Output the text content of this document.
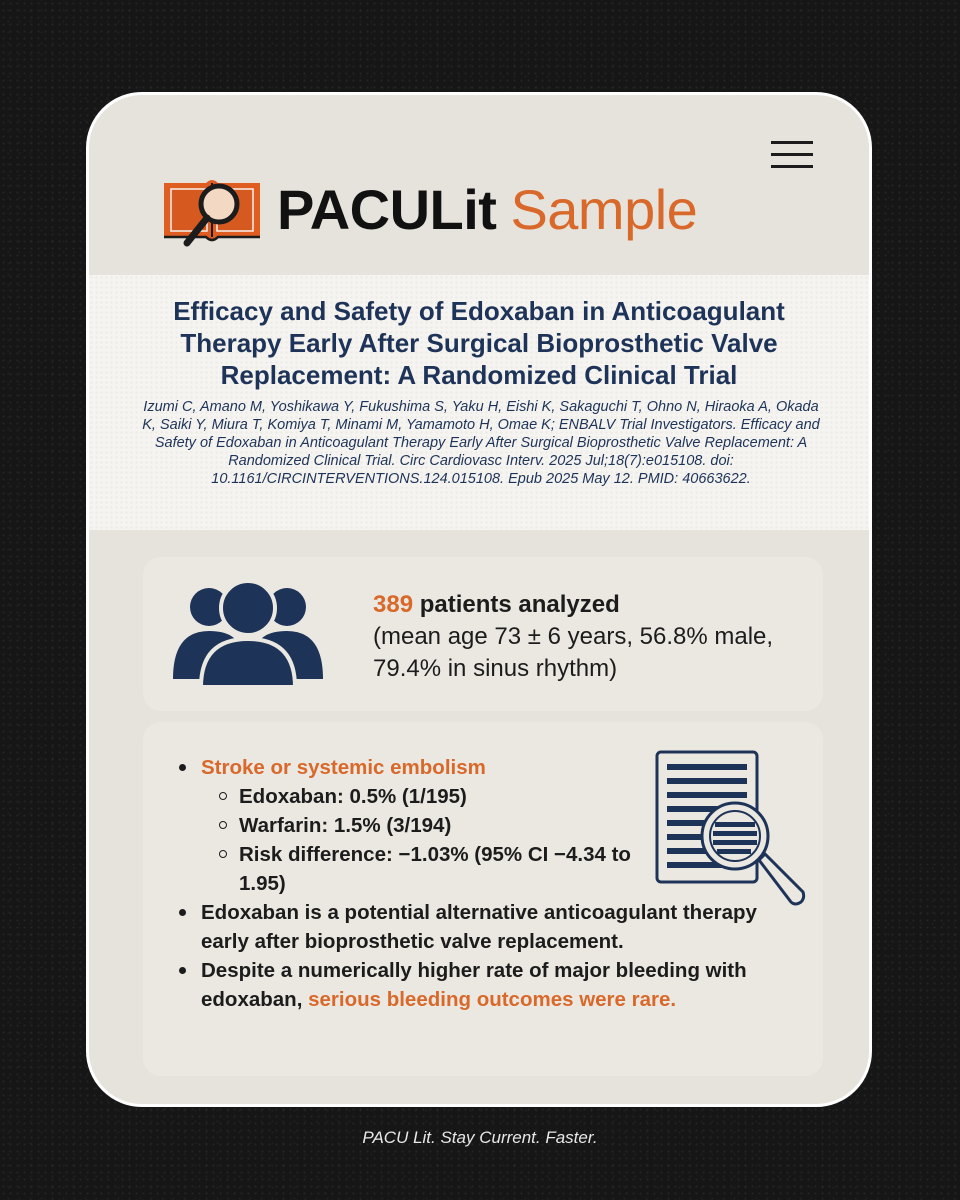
PACULit Sample
Efficacy and Safety of Edoxaban in Anticoagulant Therapy Early After Surgical Bioprosthetic Valve Replacement: A Randomized Clinical Trial

Izumi C, Amano M, Yoshikawa Y, Fukushima S, Yaku H, Eishi K, Sakaguchi T, Ohno N, Hiraoka A, Okada K, Saiki Y, Miura T, Komiya T, Minami M, Yamamoto H, Omae K; ENBALV Trial Investigators. Efficacy and Safety of Edoxaban in Anticoagulant Therapy Early After Surgical Bioprosthetic Valve Replacement: A Randomized Clinical Trial. Circ Cardiovasc Interv. 2025 Jul;18(7):e015108. doi: 10.1161/CIRCINTERVENTIONS.124.015108. Epub 2025 May 12. PMID: 40663622.

389 patients analyzed
(mean age 73 ± 6 years, 56.8% male, 79.4% in sinus rhythm)
Stroke or systemic embolism
Edoxaban: 0.5% (1/195)
Warfarin: 1.5% (3/194)
Risk difference: −1.03% (95% CI −4.34 to 1.95)
Edoxaban is a potential alternative anticoagulant therapy early after bioprosthetic valve replacement.
Despite a numerically higher rate of major bleeding with edoxaban, serious bleeding outcomes were rare.
PACU Lit. Stay Current. Faster.
